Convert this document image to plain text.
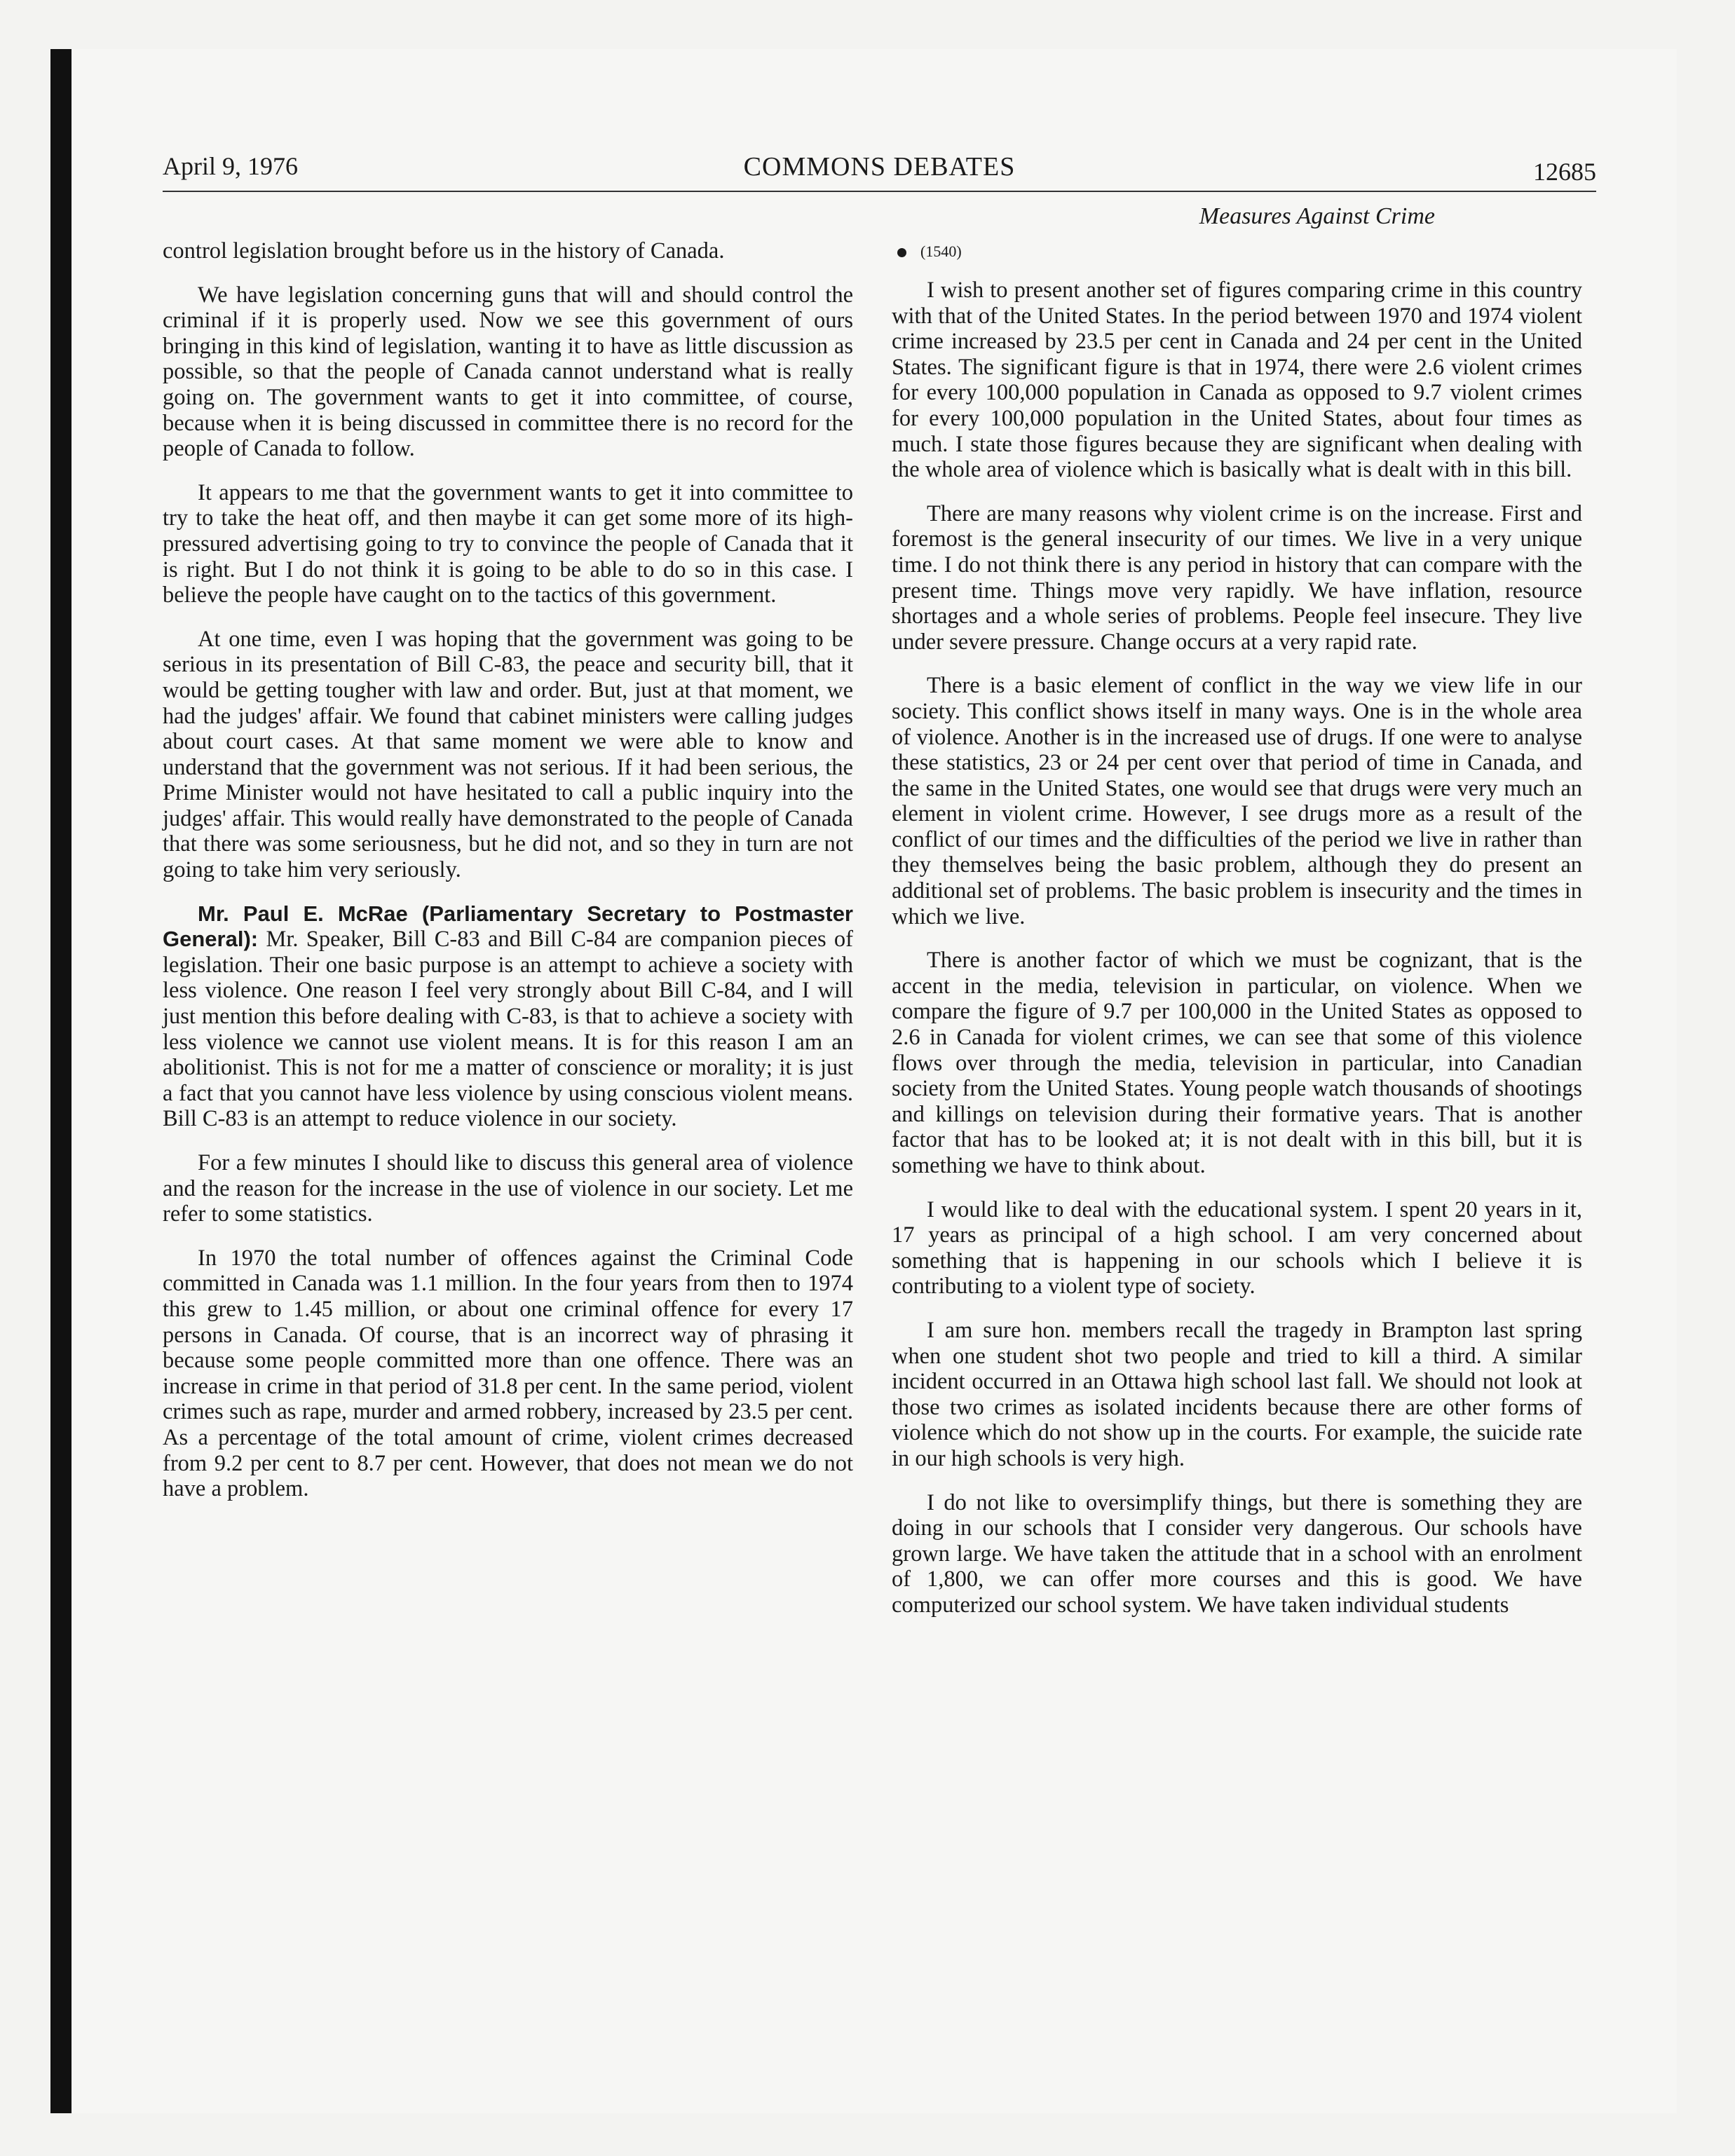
April 9, 1976	COMMONS DEBATES	12685

control legislation brought before us in the history of Canada.

We have legislation concerning guns that will and should control the criminal if it is properly used. Now we see this government of ours bringing in this kind of legislation, wanting it to have as little discussion as possible, so that the people of Canada cannot understand what is really going on. The government wants to get it into committee, of course, because when it is being discussed in committee there is no record for the people of Canada to follow.

It appears to me that the government wants to get it into committee to try to take the heat off, and then maybe it can get some more of its high-pressured advertising going to try to convince the people of Canada that it is right. But I do not think it is going to be able to do so in this case. I believe the people have caught on to the tactics of this government.

At one time, even I was hoping that the government was going to be serious in its presentation of Bill C-83, the peace and security bill, that it would be getting tougher with law and order. But, just at that moment, we had the judges' affair. We found that cabinet ministers were calling judges about court cases. At that same moment we were able to know and understand that the government was not serious. If it had been serious, the Prime Minister would not have hesitated to call a public inquiry into the judges' affair. This would really have demonstrated to the people of Canada that there was some seriousness, but he did not, and so they in turn are not going to take him very seriously.

Mr. Paul E. McRae (Parliamentary Secretary to Postmaster General): Mr. Speaker, Bill C-83 and Bill C-84 are companion pieces of legislation. Their one basic purpose is an attempt to achieve a society with less violence. One reason I feel very strongly about Bill C-84, and I will just mention this before dealing with C-83, is that to achieve a society with less violence we cannot use violent means. It is for this reason I am an abolitionist. This is not for me a matter of conscience or morality; it is just a fact that you cannot have less violence by using conscious violent means. Bill C-83 is an attempt to reduce violence in our society.

For a few minutes I should like to discuss this general area of violence and the reason for the increase in the use of violence in our society. Let me refer to some statistics.

In 1970 the total number of offences against the Criminal Code committed in Canada was 1.1 million. In the four years from then to 1974 this grew to 1.45 million, or about one criminal offence for every 17 persons in Canada. Of course, that is an incorrect way of phrasing it because some people committed more than one offence. There was an increase in crime in that period of 31.8 per cent. In the same period, violent crimes such as rape, murder and armed robbery, increased by 23.5 per cent. As a percentage of the total amount of crime, violent crimes decreased from 9.2 per cent to 8.7 per cent. However, that does not mean we do not have a problem.

Measures Against Crime
(1540)

I wish to present another set of figures comparing crime in this country with that of the United States. In the period between 1970 and 1974 violent crime increased by 23.5 per cent in Canada and 24 per cent in the United States. The significant figure is that in 1974, there were 2.6 violent crimes for every 100,000 population in Canada as opposed to 9.7 violent crimes for every 100,000 population in the United States, about four times as much. I state those figures because they are significant when dealing with the whole area of violence which is basically what is dealt with in this bill.

There are many reasons why violent crime is on the increase. First and foremost is the general insecurity of our times. We live in a very unique time. I do not think there is any period in history that can compare with the present time. Things move very rapidly. We have inflation, resource shortages and a whole series of problems. People feel insecure. They live under severe pressure. Change occurs at a very rapid rate.

There is a basic element of conflict in the way we view life in our society. This conflict shows itself in many ways. One is in the whole area of violence. Another is in the increased use of drugs. If one were to analyse these statistics, 23 or 24 per cent over that period of time in Canada, and the same in the United States, one would see that drugs were very much an element in violent crime. However, I see drugs more as a result of the conflict of our times and the difficulties of the period we live in rather than they themselves being the basic problem, although they do present an additional set of problems. The basic problem is insecurity and the times in which we live.

There is another factor of which we must be cognizant, that is the accent in the media, television in particular, on violence. When we compare the figure of 9.7 per 100,000 in the United States as opposed to 2.6 in Canada for violent crimes, we can see that some of this violence flows over through the media, television in particular, into Canadian society from the United States. Young people watch thousands of shootings and killings on television during their formative years. That is another factor that has to be looked at; it is not dealt with in this bill, but it is something we have to think about.

I would like to deal with the educational system. I spent 20 years in it, 17 years as principal of a high school. I am very concerned about something that is happening in our schools which I believe it is contributing to a violent type of society.

I am sure hon. members recall the tragedy in Brampton last spring when one student shot two people and tried to kill a third. A similar incident occurred in an Ottawa high school last fall. We should not look at those two crimes as isolated incidents because there are other forms of violence which do not show up in the courts. For example, the suicide rate in our high schools is very high.

I do not like to oversimplify things, but there is something they are doing in our schools that I consider very dangerous. Our schools have grown large. We have taken the attitude that in a school with an enrolment of 1,800, we can offer more courses and this is good. We have computerized our school system. We have taken individual students
